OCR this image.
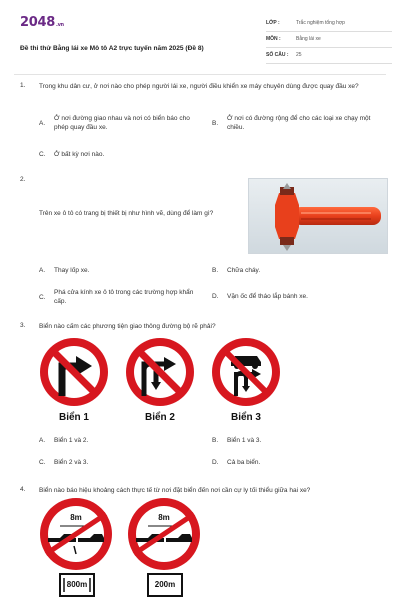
2048.vn
Đề thi thử Bằng lái xe Mô tô A2 trực tuyến năm 2025 (Đề 8)
LỚP :	Trắc nghiệm tổng hợp
MÔN :	Bằng lái xe
SỐ CÂU : 25
1. Trong khu dân cư, ở nơi nào cho phép người lái xe, người điều khiển xe máy chuyên dùng được quay đầu xe?
A.
Ở nơi đường giao nhau và nơi có biển báo cho phép quay đầu xe.
B.
Ở nơi có đường rộng để cho các loại xe chạy một chiều.
C. Ở bất kỳ nơi nào.
2.
Trên xe ô tô có trang bị thiết bị như hình vẽ, dùng để làm gì?
A. Thay lốp xe.	B. Chữa cháy.
C.
Phá cửa kính xe ô tô trong các trường hợp khẩn cấp.
D. Vặn ốc để tháo lắp bánh xe.
3. Biển nào cấm các phương tiện giao thông đường bộ rẽ phải?
Biển 1	Biển 2	Biển 3
A. Biển 1 và 2.	B. Biển 1 và 3.
C. Biển 2 và 3.	D. Cả ba biển.
4. Biển nào báo hiệu khoảng cách thực tế từ nơi đặt biển đến nơi cần cự ly tối thiểu giữa hai xe?
8m
800m
8m
200m
